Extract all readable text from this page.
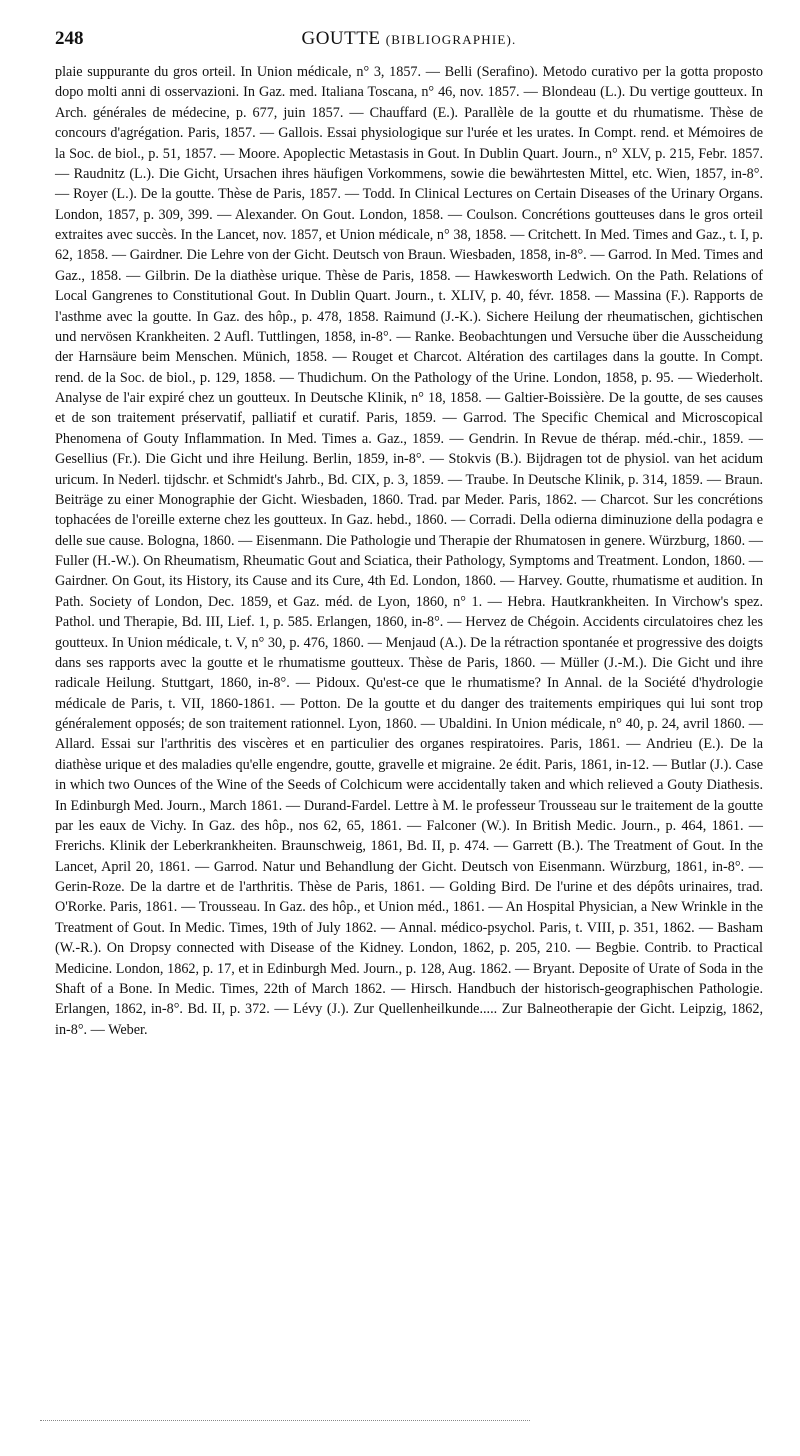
248	GOUTTE (BIBLIOGRAPHIE).
plaie suppurante du gros orteil. In Union médicale, n° 3, 1857. — Belli (Serafino). Metodo curativo per la gotta proposto dopo molti anni di osservazioni. In Gaz. med. Italiana Toscana, n° 46, nov. 1857. — Blondeau (L.). Du vertige goutteux. In Arch. générales de médecine, p. 677, juin 1857. — Chauffard (E.). Parallèle de la goutte et du rhumatisme. Thèse de concours d'agrégation. Paris, 1857. — Gallois. Essai physiologique sur l'urée et les urates. In Compt. rend. et Mémoires de la Soc. de biol., p. 51, 1857. — Moore. Apoplectic Metastasis in Gout. In Dublin Quart. Journ., n° XLV, p. 215, Febr. 1857. — Raudnitz (L.). Die Gicht, Ursachen ihres häufigen Vorkommens, sowie die bewährtesten Mittel, etc. Wien, 1857, in-8°. — Royer (L.). De la goutte. Thèse de Paris, 1857. — Todd. In Clinical Lectures on Certain Diseases of the Urinary Organs. London, 1857, p. 309, 399. — Alexander. On Gout. London, 1858. — Coulson. Concrétions goutteuses dans le gros orteil extraites avec succès. In the Lancet, nov. 1857, et Union médicale, n° 38, 1858. — Critchett. In Med. Times and Gaz., t. I, p. 62, 1858. — Gairdner. Die Lehre von der Gicht. Deutsch von Braun. Wiesbaden, 1858, in-8°. — Garrod. In Med. Times and Gaz., 1858. — Gilbrin. De la diathèse urique. Thèse de Paris, 1858. — Hawkesworth Ledwich. On the Path. Relations of Local Gangrenes to Constitutional Gout. In Dublin Quart. Journ., t. XLIV, p. 40, févr. 1858. — Massina (F.). Rapports de l'asthme avec la goutte. In Gaz. des hôp., p. 478, 1858. Raimund (J.-K.). Sichere Heilung der rheumatischen, gichtischen und nervösen Krankheiten. 2 Aufl. Tuttlingen, 1858, in-8°. — Ranke. Beobachtungen und Versuche über die Ausscheidung der Harnsäure beim Menschen. Münich, 1858. — Rouget et Charcot. Altération des cartilages dans la goutte. In Compt. rend. de la Soc. de biol., p. 129, 1858. — Thudichum. On the Pathology of the Urine. London, 1858, p. 95. — Wiederholt. Analyse de l'air expiré chez un goutteux. In Deutsche Klinik, n° 18, 1858. — Galtier-Boissière. De la goutte, de ses causes et de son traitement préservatif, palliatif et curatif. Paris, 1859. — Garrod. The Specific Chemical and Microscopical Phenomena of Gouty Inflammation. In Med. Times a. Gaz., 1859. — Gendrin. In Revue de thérap. méd.-chir., 1859. — Gesellius (Fr.). Die Gicht und ihre Heilung. Berlin, 1859, in-8°. — Stokvis (B.). Bijdragen tot de physiol. van het acidum uricum. In Nederl. tijdschr. et Schmidt's Jahrb., Bd. CIX, p. 3, 1859. — Traube. In Deutsche Klinik, p. 314, 1859. — Braun. Beiträge zu einer Monographie der Gicht. Wiesbaden, 1860. Trad. par Meder. Paris, 1862. — Charcot. Sur les concrétions tophacées de l'oreille externe chez les goutteux. In Gaz. hebd., 1860. — Corradi. Della odierna diminuzione della podagra e delle sue cause. Bologna, 1860. — Eisenmann. Die Pathologie und Therapie der Rhumatosen in genere. Würzburg, 1860. — Fuller (H.-W.). On Rheumatism, Rheumatic Gout and Sciatica, their Pathology, Symptoms and Treatment. London, 1860. — Gairdner. On Gout, its History, its Cause and its Cure, 4th Ed. London, 1860. — Harvey. Goutte, rhumatisme et audition. In Path. Society of London, Dec. 1859, et Gaz. méd. de Lyon, 1860, n° 1. — Hebra. Hautkrankheiten. In Virchow's spez. Pathol. und Therapie, Bd. III, Lief. 1, p. 585. Erlangen, 1860, in-8°. — Hervez de Chégoin. Accidents circulatoires chez les goutteux. In Union médicale, t. V, n° 30, p. 476, 1860. — Menjaud (A.). De la rétraction spontanée et progressive des doigts dans ses rapports avec la goutte et le rhumatisme goutteux. Thèse de Paris, 1860. — Müller (J.-M.). Die Gicht und ihre radicale Heilung. Stuttgart, 1860, in-8°. — Pidoux. Qu'est-ce que le rhumatisme? In Annal. de la Société d'hydrologie médicale de Paris, t. VII, 1860-1861. — Potton. De la goutte et du danger des traitements empiriques qui lui sont trop généralement opposés; de son traitement rationnel. Lyon, 1860. — Ubaldini. In Union médicale, n° 40, p. 24, avril 1860. — Allard. Essai sur l'arthritis des viscères et en particulier des organes respiratoires. Paris, 1861. — Andrieu (E.). De la diathèse urique et des maladies qu'elle engendre, goutte, gravelle et migraine. 2e édit. Paris, 1861, in-12. — Butlar (J.). Case in which two Ounces of the Wine of the Seeds of Colchicum were accidentally taken and which relieved a Gouty Diathesis. In Edinburgh Med. Journ., March 1861. — Durand-Fardel. Lettre à M. le professeur Trousseau sur le traitement de la goutte par les eaux de Vichy. In Gaz. des hôp., nos 62, 65, 1861. — Falconer (W.). In British Medic. Journ., p. 464, 1861. — Frerichs. Klinik der Leberkrankheiten. Braunschweig, 1861, Bd. II, p. 474. — Garrett (B.). The Treatment of Gout. In the Lancet, April 20, 1861. — Garrod. Natur und Behandlung der Gicht. Deutsch von Eisenmann. Würzburg, 1861, in-8°. — Gerin-Roze. De la dartre et de l'arthritis. Thèse de Paris, 1861. — Golding Bird. De l'urine et des dépôts urinaires, trad. O'Rorke. Paris, 1861. — Trousseau. In Gaz. des hôp., et Union méd., 1861. — An Hospital Physician, a New Wrinkle in the Treatment of Gout. In Medic. Times, 19th of July 1862. — Annal. médico-psychol. Paris, t. VIII, p. 351, 1862. — Basham (W.-R.). On Dropsy connected with Disease of the Kidney. London, 1862, p. 205, 210. — Begbie. Contrib. to Practical Medicine. London, 1862, p. 17, et in Edinburgh Med. Journ., p. 128, Aug. 1862. — Bryant. Deposite of Urate of Soda in the Shaft of a Bone. In Medic. Times, 22th of March 1862. — Hirsch. Handbuch der historisch-geographischen Pathologie. Erlangen, 1862, in-8°. Bd. II, p. 372. — Lévy (J.). Zur Quellenheilkunde..... Zur Balneotherapie der Gicht. Leipzig, 1862, in-8°. — Weber.
